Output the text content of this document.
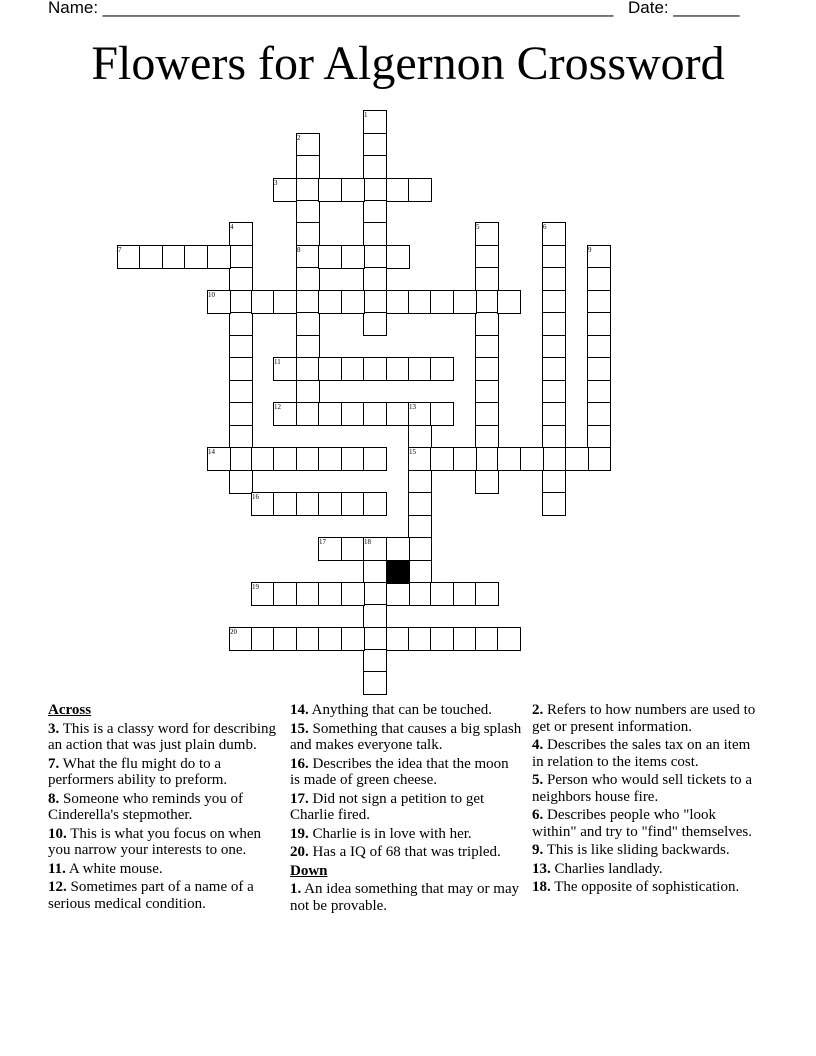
Name: ______________________________________________________ Date: _______
Flowers for Algernon Crossword
1
2
3
4	5	6
7	8	9
10
11
12	13
14	15
16
17	18
19
20
Across
3. This is a classy word for describing an action that was just plain dumb.
7. What the flu might do to a performers ability to preform.
8. Someone who reminds you of Cinderella's stepmother.
10. This is what you focus on when you narrow your interests to one.
11. A white mouse.
12. Sometimes part of a name of a serious medical condition.
14. Anything that can be touched.
15. Something that causes a big splash and makes everyone talk.
16. Describes the idea that the moon is made of green cheese.
17. Did not sign a petition to get Charlie fired.
19. Charlie is in love with her.
20. Has a IQ of 68 that was tripled.
Down
1. An idea something that may or may not be provable.
2. Refers to how numbers are used to get or present information.
4. Describes the sales tax on an item in relation to the items cost.
5. Person who would sell tickets to a neighbors house fire.
6. Describes people who "look within" and try to "find" themselves.
9. This is like sliding backwards.
13. Charlies landlady.
18. The opposite of sophistication.
